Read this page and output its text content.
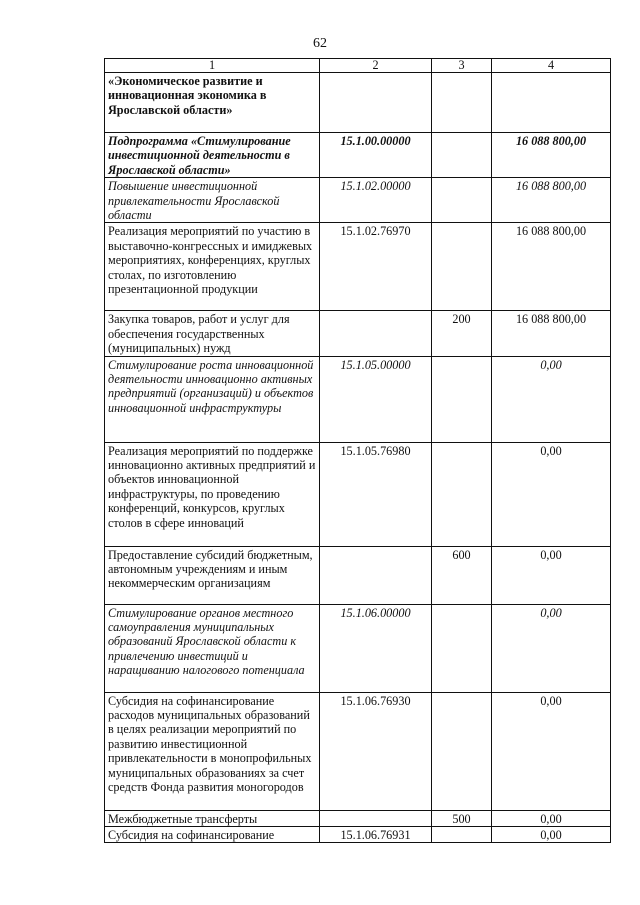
62
1	2	3	4
«Экономическое развитие и инновационная экономика в Ярославской области»			
Подпрограмма «Стимулирование инвестиционной деятельности в Ярославской области»	15.1.00.00000		16 088 800,00
Повышение инвестиционной привлекательности Ярославской области	15.1.02.00000		16 088 800,00
Реализация мероприятий по участию в выставочно-конгрессных и имиджевых мероприятиях, конференциях, круглых столах, по изготовлению презентационной продукции	15.1.02.76970		16 088 800,00
Закупка товаров, работ и услуг для обеспечения государственных (муниципальных) нужд		200	16 088 800,00
Стимулирование роста инновационной деятельности инновационно активных предприятий (организаций) и объектов инновационной инфраструктуры	15.1.05.00000		0,00
Реализация мероприятий по поддержке инновационно активных предприятий и объектов инновационной инфраструктуры, по проведению конференций, конкурсов, круглых столов в сфере инноваций	15.1.05.76980		0,00
Предоставление субсидий бюджетным, автономным учреждениям и иным некоммерческим организациям		600	0,00
Стимулирование органов местного самоуправления муниципальных образований Ярославской области к привлечению инвестиций и наращиванию налогового потенциала	15.1.06.00000		0,00
Субсидия на софинансирование расходов муниципальных образований в целях реализации мероприятий по развитию инвестиционной привлекательности в монопрофильных муниципальных образованиях за счет средств Фонда развития моногородов	15.1.06.76930		0,00
Межбюджетные трансферты		500	0,00
Субсидия на софинансирование	15.1.06.76931		0,00
